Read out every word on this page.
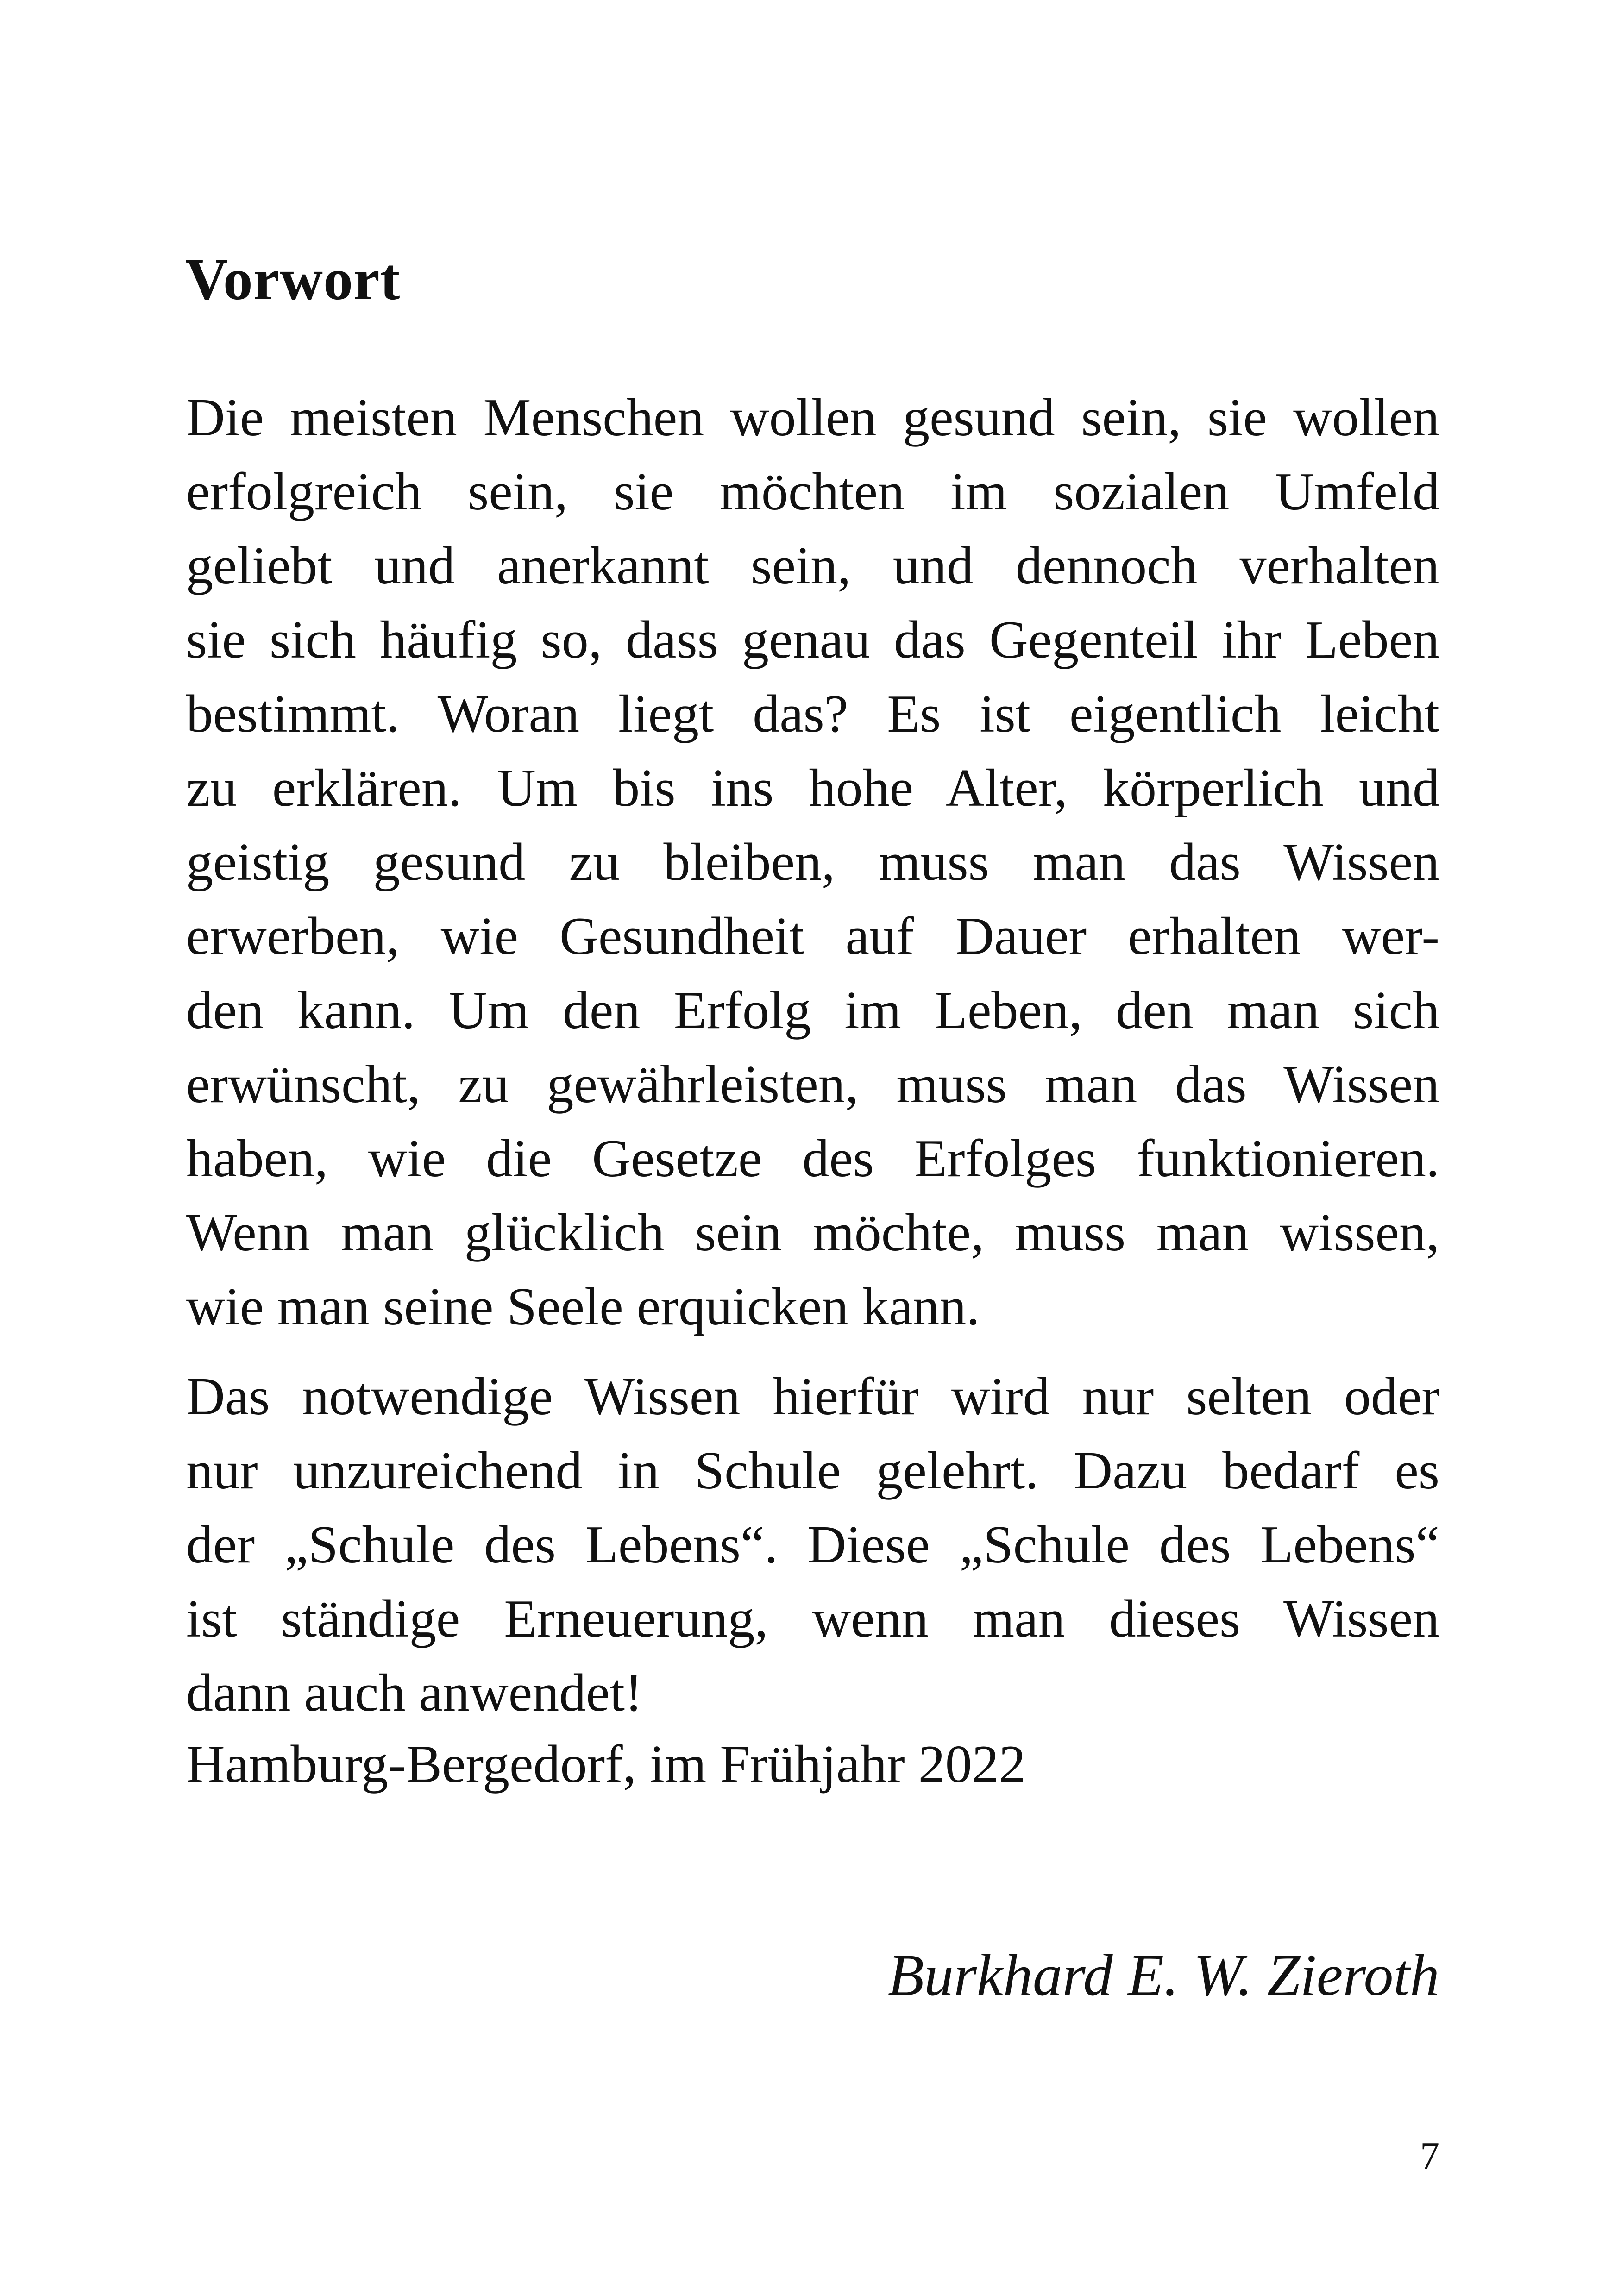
Vorwort

Die meisten Menschen wollen gesund sein, sie wollen
erfolgreich sein, sie möchten im sozialen Umfeld
geliebt und anerkannt sein, und dennoch verhalten
sie sich häufig so, dass genau das Gegenteil ihr Leben
bestimmt. Woran liegt das? Es ist eigentlich leicht
zu erklären. Um bis ins hohe Alter, körperlich und
geistig gesund zu bleiben, muss man das Wissen
erwerben, wie Gesundheit auf Dauer erhalten wer-
den kann. Um den Erfolg im Leben, den man sich
erwünscht, zu gewährleisten, muss man das Wissen
haben, wie die Gesetze des Erfolges funktionieren.
Wenn man glücklich sein möchte, muss man wissen,
wie man seine Seele erquicken kann.

Das notwendige Wissen hierfür wird nur selten oder
nur unzureichend in Schule gelehrt. Dazu bedarf es
der „Schule des Lebens“. Diese „Schule des Lebens“
ist ständige Erneuerung, wenn man dieses Wissen
dann auch anwendet!

Hamburg-Bergedorf, im Frühjahr 2022

Burkhard E. W. Zieroth

7
